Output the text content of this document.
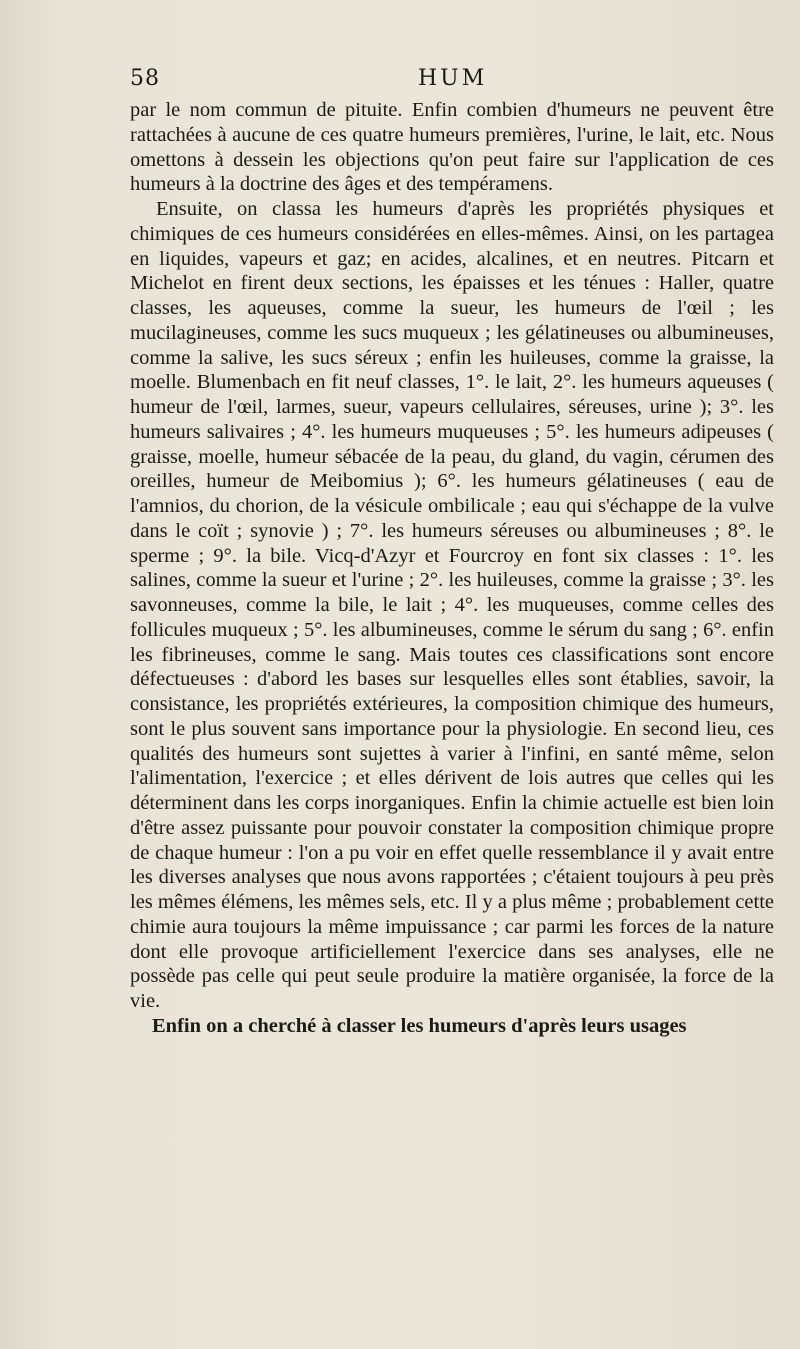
58	HUM

par le nom commun de pituite. Enfin combien d'humeurs ne peuvent être rattachées à aucune de ces quatre humeurs premières, l'urine, le lait, etc. Nous omettons à dessein les objections qu'on peut faire sur l'application de ces humeurs à la doctrine des âges et des tempéramens.

Ensuite, on classa les humeurs d'après les propriétés physiques et chimiques de ces humeurs considérées en elles-mêmes. Ainsi, on les partagea en liquides, vapeurs et gaz; en acides, alcalines, et en neutres. Pitcarn et Michelot en firent deux sections, les épaisses et les ténues : Haller, quatre classes, les aqueuses, comme la sueur, les humeurs de l'œil ; les mucilagineuses, comme les sucs muqueux ; les gélatineuses ou albumineuses, comme la salive, les sucs séreux ; enfin les huileuses, comme la graisse, la moelle. Blumenbach en fit neuf classes, 1°. le lait, 2°. les humeurs aqueuses ( humeur de l'œil, larmes, sueur, vapeurs cellulaires, séreuses, urine ); 3°. les humeurs salivaires ; 4°. les humeurs muqueuses ; 5°. les humeurs adipeuses ( graisse, moelle, humeur sébacée de la peau, du gland, du vagin, cérumen des oreilles, humeur de Meibomius ); 6°. les humeurs gélatineuses ( eau de l'amnios, du chorion, de la vésicule ombilicale ; eau qui s'échappe de la vulve dans le coït ; synovie ) ; 7°. les humeurs séreuses ou albumineuses ; 8°. le sperme ; 9°. la bile. Vicq-d'Azyr et Fourcroy en font six classes : 1°. les salines, comme la sueur et l'urine ; 2°. les huileuses, comme la graisse ; 3°. les savonneuses, comme la bile, le lait ; 4°. les muqueuses, comme celles des follicules muqueux ; 5°. les albumineuses, comme le sérum du sang ; 6°. enfin les fibrineuses, comme le sang. Mais toutes ces classifications sont encore défectueuses : d'abord les bases sur lesquelles elles sont établies, savoir, la consistance, les propriétés extérieures, la composition chimique des humeurs, sont le plus souvent sans importance pour la physiologie. En second lieu, ces qualités des humeurs sont sujettes à varier à l'infini, en santé même, selon l'alimentation, l'exercice ; et elles dérivent de lois autres que celles qui les déterminent dans les corps inorganiques. Enfin la chimie actuelle est bien loin d'être assez puissante pour pouvoir constater la composition chimique propre de chaque humeur : l'on a pu voir en effet quelle ressemblance il y avait entre les diverses analyses que nous avons rapportées ; c'étaient toujours à peu près les mêmes élémens, les mêmes sels, etc. Il y a plus même ; probablement cette chimie aura toujours la même impuissance ; car parmi les forces de la nature dont elle provoque artificiellement l'exercice dans ses analyses, elle ne possède pas celle qui peut seule produire la matière organisée, la force de la vie.

Enfin on a cherché à classer les humeurs d'après leurs usages
